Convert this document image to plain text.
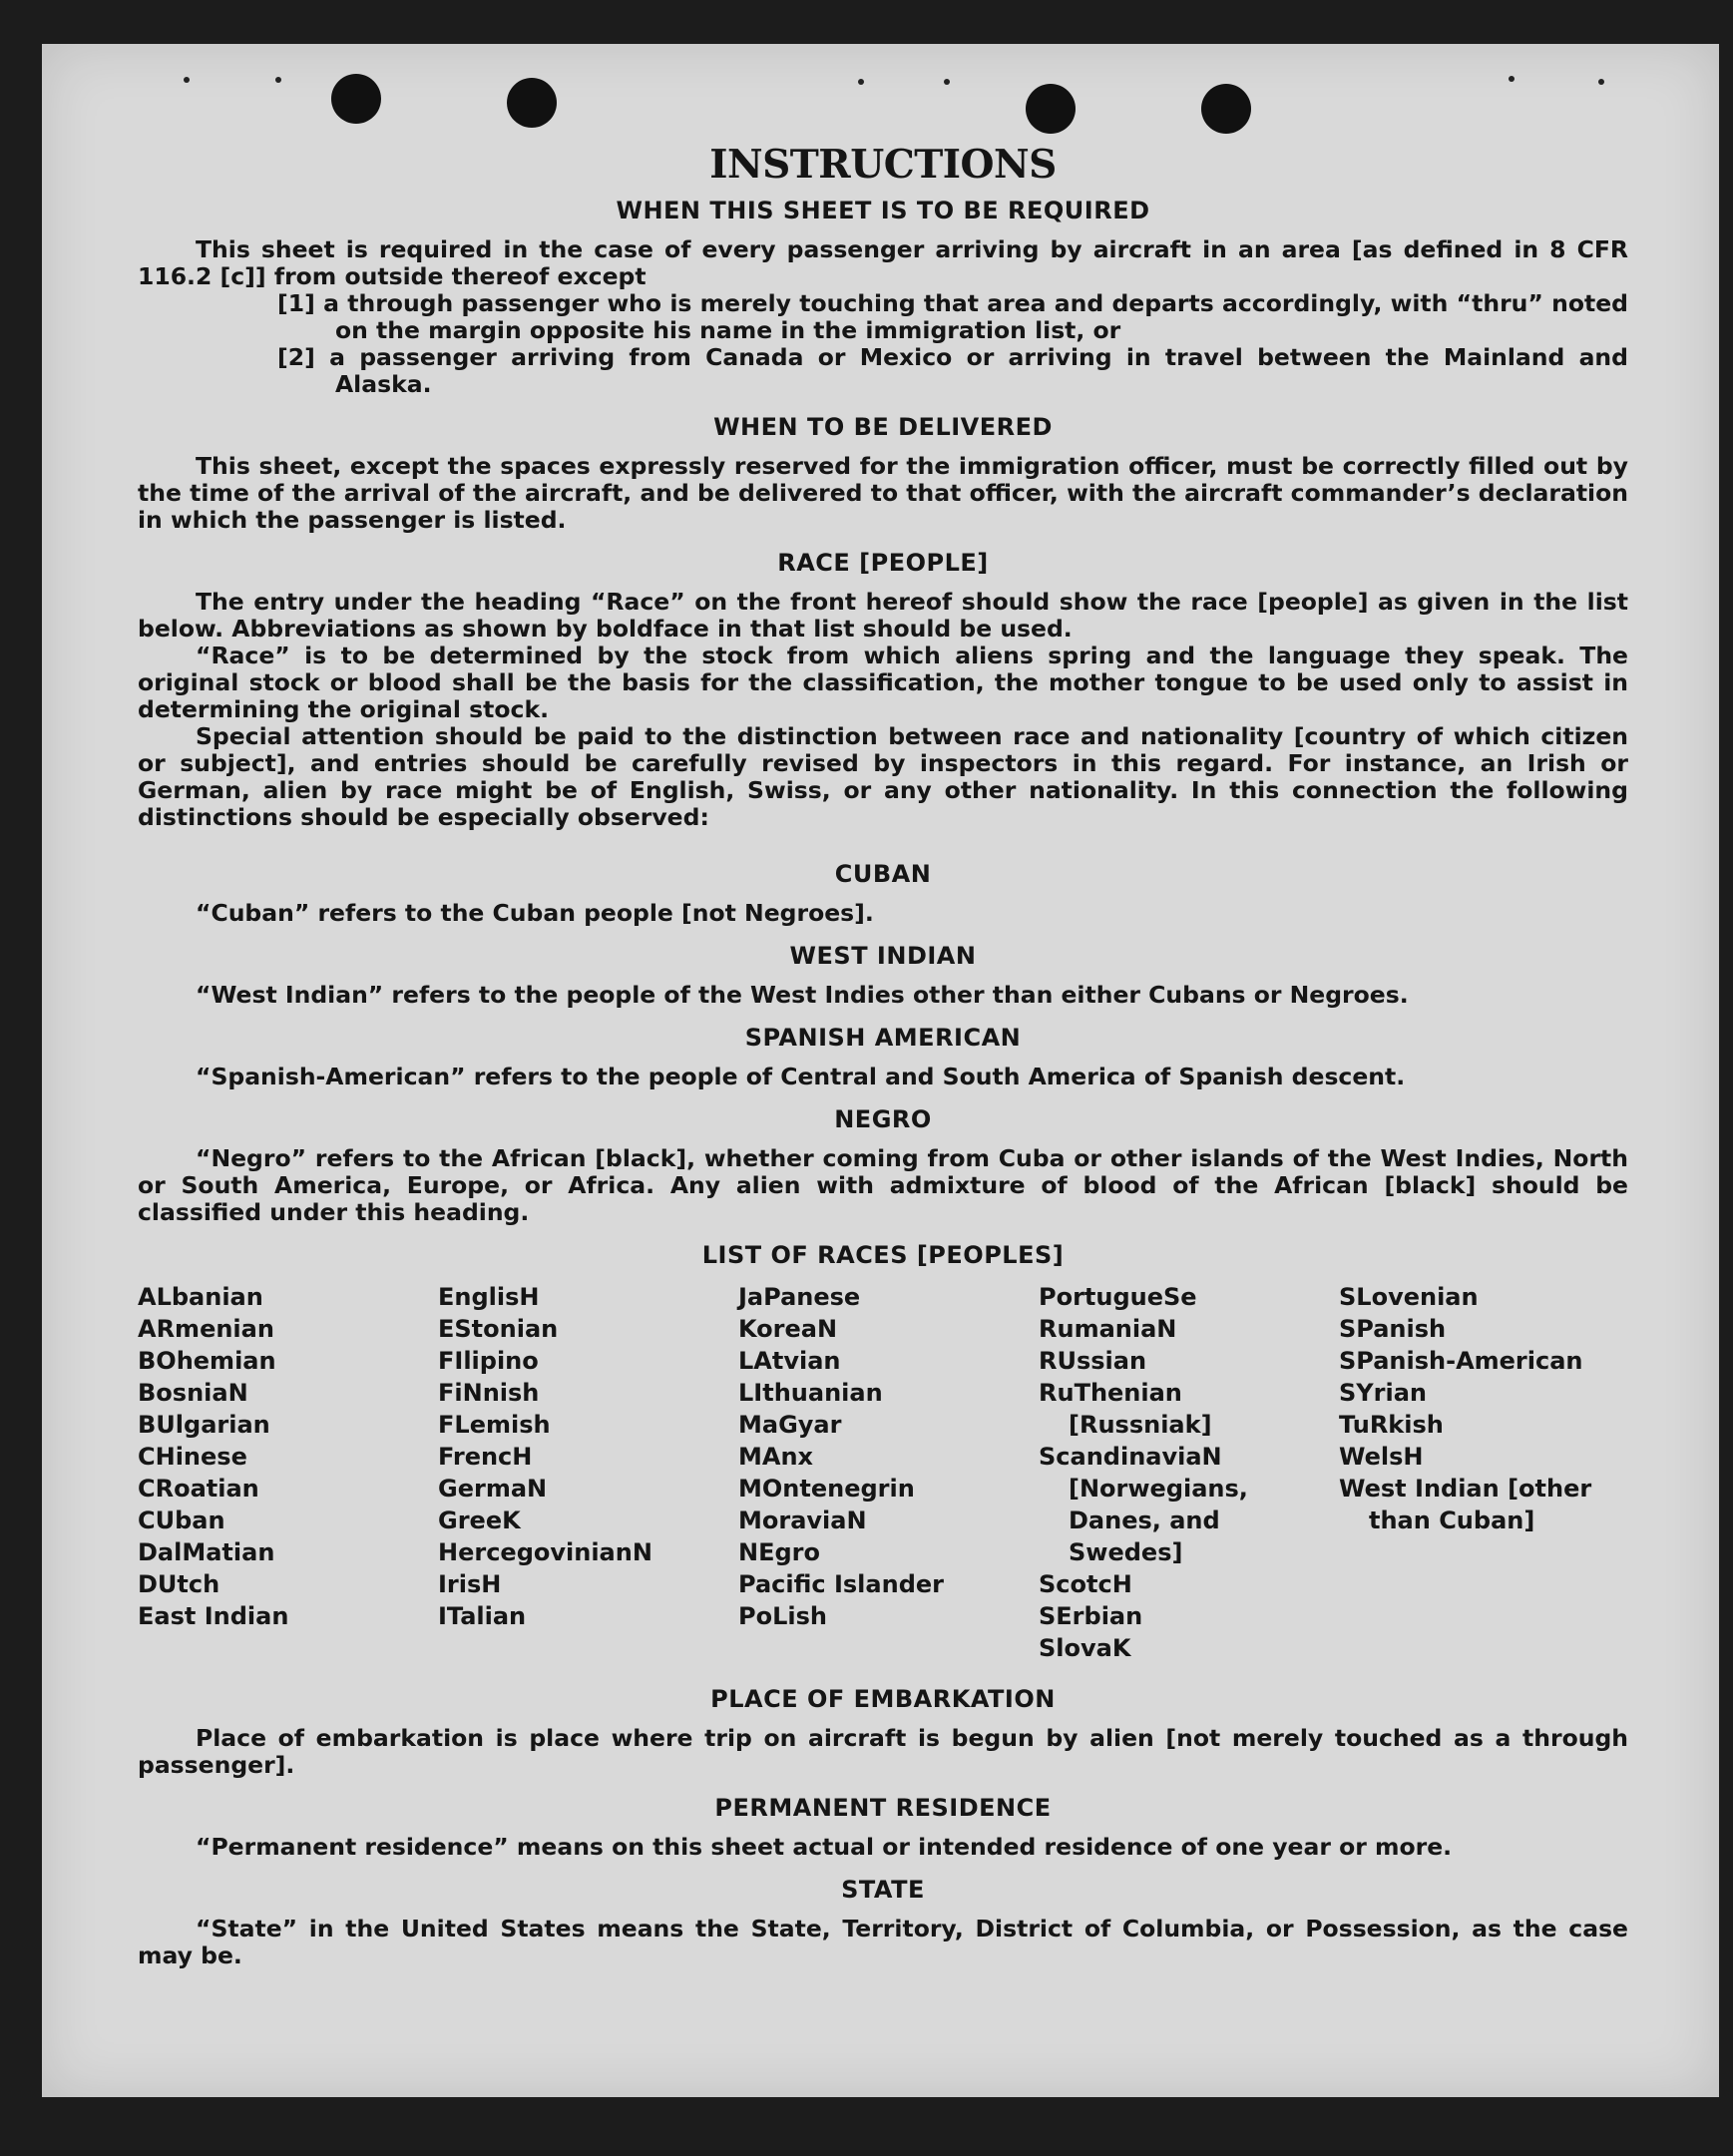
INSTRUCTIONS
WHEN THIS SHEET IS TO BE REQUIRED

This sheet is required in the case of every passenger arriving by aircraft in an area [as defined in 8 CFR 116.2 [c]] from outside thereof except

[1] a through passenger who is merely touching that area and departs accordingly, with “thru” noted on the margin opposite his name in the immigration list, or

[2] a passenger arriving from Canada or Mexico or arriving in travel between the Mainland and Alaska.

WHEN TO BE DELIVERED

This sheet, except the spaces expressly reserved for the immigration officer, must be correctly filled out by the time of the arrival of the aircraft, and be delivered to that officer, with the aircraft commander’s declaration in which the passenger is listed.

RACE [PEOPLE]

The entry under the heading “Race” on the front hereof should show the race [people] as given in the list below. Abbreviations as shown by boldface in that list should be used.

“Race” is to be determined by the stock from which aliens spring and the language they speak. The original stock or blood shall be the basis for the classification, the mother tongue to be used only to assist in determining the original stock.

Special attention should be paid to the distinction between race and nationality [country of which citizen or subject], and entries should be carefully revised by inspectors in this regard. For instance, an Irish or German, alien by race might be of English, Swiss, or any other nationality. In this connection the following distinctions should be especially observed:

CUBAN

“Cuban” refers to the Cuban people [not Negroes].

WEST INDIAN

“West Indian” refers to the people of the West Indies other than either Cubans or Negroes.

SPANISH AMERICAN

“Spanish-American” refers to the people of Central and South America of Spanish descent.

NEGRO

“Negro” refers to the African [black], whether coming from Cuba or other islands of the West Indies, North or South America, Europe, or Africa. Any alien with admixture of blood of the African [black] should be classified under this heading.

LIST OF RACES [PEOPLES]
ALbanian
ARmenian
BOhemian
BosniaN
BUlgarian
CHinese
CRoatian
CUban
DalMatian
DUtch
East Indian
EnglisH
EStonian
FIlipino
FiNnish
FLemish
FrencH
GermaN
GreeK
HercegovinianN
IrisH
ITalian
JaPanese
KoreaN
LAtvian
LIthuanian
MaGyar
MAnx
MOntenegrin
MoraviaN
NEgro
Pacific Islander
PoLish
PortugueSe
RumaniaN
RUssian
RuThenian [Russniak]
ScandinaviaN [Norwegians, Danes, and Swedes]
ScotcH
SErbian
SlovaK
SLovenian
SPanish
SPanish-American
SYrian
TuRkish
WelsH
West Indian [other than Cuban]
PLACE OF EMBARKATION

Place of embarkation is place where trip on aircraft is begun by alien [not merely touched as a through passenger].

PERMANENT RESIDENCE

“Permanent residence” means on this sheet actual or intended residence of one year or more.

STATE

“State” in the United States means the State, Territory, District of Columbia, or Possession, as the case may be.
